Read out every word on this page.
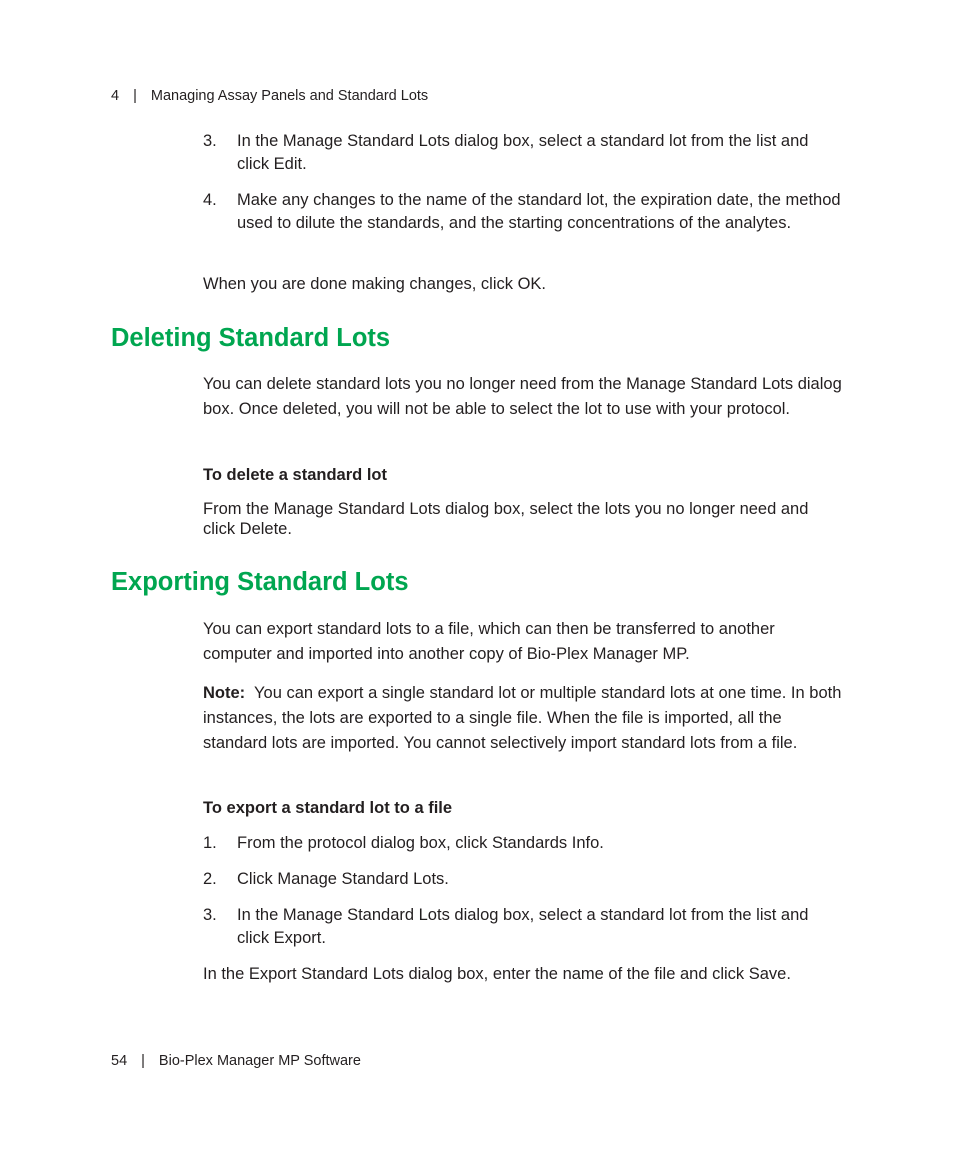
4 | Managing Assay Panels and Standard Lots
3.	In the Manage Standard Lots dialog box, select a standard lot from the list and click Edit.
4.	Make any changes to the name of the standard lot, the expiration date, the method used to dilute the standards, and the starting concentrations of the analytes.
When you are done making changes, click OK.
Deleting Standard Lots
You can delete standard lots you no longer need from the Manage Standard Lots dialog box. Once deleted, you will not be able to select the lot to use with your protocol.
To delete a standard lot
From the Manage Standard Lots dialog box, select the lots you no longer need and click Delete.
Exporting Standard Lots
You can export standard lots to a file, which can then be transferred to another computer and imported into another copy of Bio-Plex Manager MP.
Note: You can export a single standard lot or multiple standard lots at one time. In both instances, the lots are exported to a single file. When the file is imported, all the standard lots are imported. You cannot selectively import standard lots from a file.
To export a standard lot to a file
1.	From the protocol dialog box, click Standards Info.
2.	Click Manage Standard Lots.
3.	In the Manage Standard Lots dialog box, select a standard lot from the list and click Export.
In the Export Standard Lots dialog box, enter the name of the file and click Save.
54 | Bio-Plex Manager MP Software
